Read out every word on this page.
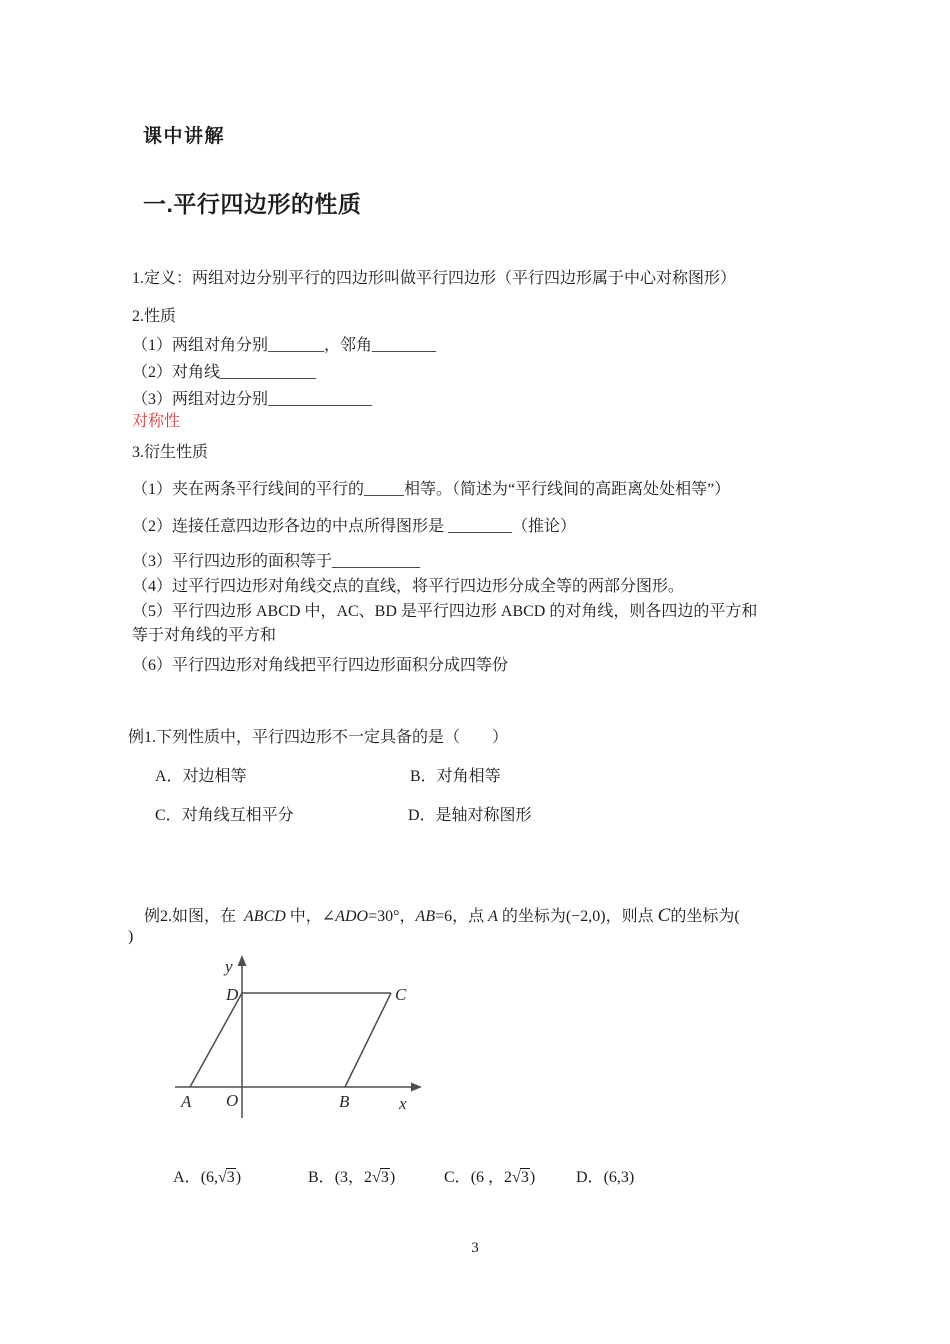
课中讲解
一.平行四边形的性质
1.定义：两组对边分别平行的四边形叫做平行四边形（平行四边形属于中心对称图形）
2.性质
（1）两组对角分别_______，邻角________
（2）对角线____________
（3）两组对边分别_____________
对称性
3.衍生性质
（1）夹在两条平行线间的平行的_____相等。（简述为“平行线间的高距离处处相等”）
（2）连接任意四边形各边的中点所得图形是 ________（推论）
（3）平行四边形的面积等于___________
（4）过平行四边形对角线交点的直线，将平行四边形分成全等的两部分图形。
（5）平行四边形 ABCD 中，AC、BD 是平行四边形 ABCD 的对角线，则各四边的平方和
等于对角线的平方和
（6）平行四边形对角线把平行四边形面积分成四等份
例1.下列性质中，平行四边形不一定具备的是（　　）
A．对边相等	B．对角相等
C．对角线互相平分	D．是轴对称图形

例2.如图，在  ABCD 中，∠ADO=30°，AB=6，点 A 的坐标为(−2,0)，则点 C的坐标为(

)
y
x
O
A	B
C
D

A．(6,√3)
	B．(3，2√3)
	C．(6 ，2√3)
	D．(6,3)

3
